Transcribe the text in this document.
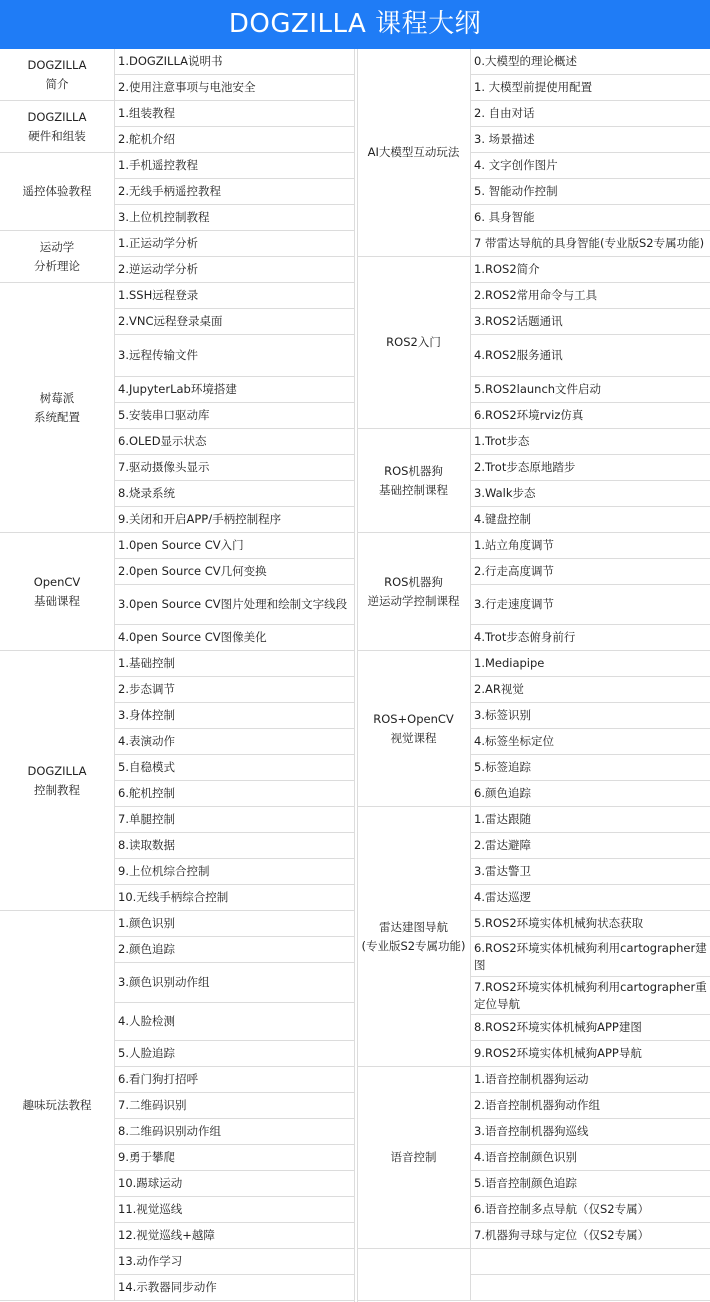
DOGZILLA 课程大纲
DOGZILLA
简介
DOGZILLA
硬件和组装
遥控体验教程
运动学
分析理论
树莓派
系统配置
OpenCV
基础课程
DOGZILLA
控制教程
趣味玩法教程
1.DOGZILLA说明书
2.使用注意事项与电池安全
1.组装教程
2.舵机介绍
1.手机遥控教程
2.无线手柄遥控教程
3.上位机控制教程
1.正运动学分析
2.逆运动学分析
1.SSH远程登录
2.VNC远程登录桌面
3.远程传输文件
4.JupyterLab环境搭建
5.安装串口驱动库
6.OLED显示状态
7.驱动摄像头显示
8.烧录系统
9.关闭和开启APP/手柄控制程序
1.0pen Source CV入门
2.0pen Source CV几何变换
3.0pen Source CV图片处理和绘制文字线段
4.0pen Source CV图像美化
1.基础控制
2.步态调节
3.身体控制
4.表演动作
5.自稳模式
6.舵机控制
7.单腿控制
8.读取数据
9.上位机综合控制
10.无线手柄综合控制
1.颜色识别
2.颜色追踪
3.颜色识别动作组
4.人脸检测
5.人脸追踪
6.看门狗打招呼
7.二维码识别
8.二维码识别动作组
9.勇于攀爬
10.踢球运动
11.视觉巡线
12.视觉巡线+越障
13.动作学习
14.示教器同步动作
AI大模型互动玩法
ROS2入门
ROS机器狗
基础控制课程
ROS机器狗
逆运动学控制课程
ROS+OpenCV
视觉课程
雷达建图导航
(专业版S2专属功能)
语音控制
0.大模型的理论概述
1. 大模型前提使用配置
2. 自由对话
3. 场景描述
4. 文字创作图片
5. 智能动作控制
6. 具身智能
7 带雷达导航的具身智能(专业版S2专属功能)
1.ROS2简介
2.ROS2常用命令与工具
3.ROS2话题通讯
4.ROS2服务通讯
5.ROS2launch文件启动
6.ROS2环境rviz仿真
1.Trot步态
2.Trot步态原地踏步
3.Walk步态
4.键盘控制
1.站立角度调节
2.行走高度调节
3.行走速度调节
4.Trot步态俯身前行
1.Mediapipe
2.AR视觉
3.标签识别
4.标签坐标定位
5.标签追踪
6.颜色追踪
1.雷达跟随
2.雷达避障
3.雷达警卫
4.雷达巡逻
5.ROS2环境实体机械狗状态获取
6.ROS2环境实体机械狗利用cartographer建图
7.ROS2环境实体机械狗利用cartographer重定位导航
8.ROS2环境实体机械狗APP建图
9.ROS2环境实体机械狗APP导航
1.语音控制机器狗运动
2.语音控制机器狗动作组
3.语音控制机器狗巡线
4.语音控制颜色识别
5.语音控制颜色追踪
6.语音控制多点导航（仅S2专属）
7.机器狗寻球与定位（仅S2专属）
